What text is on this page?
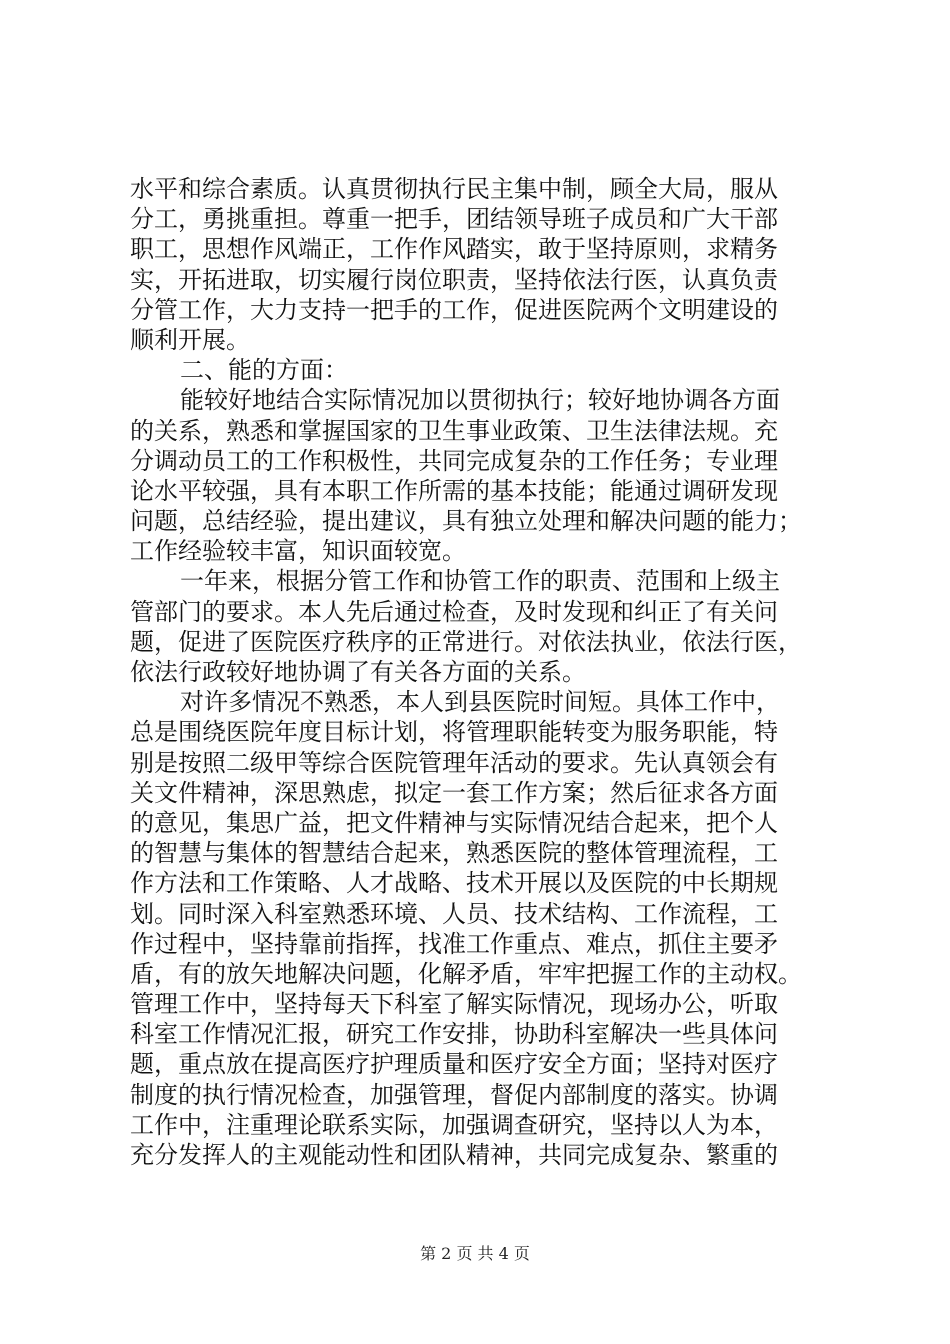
水平和综合素质。认真贯彻执行民主集中制，顾全大局，服从
分工，勇挑重担。尊重一把手，团结领导班子成员和广大干部
职工，思想作风端正，工作作风踏实，敢于坚持原则，求精务
实，开拓进取，切实履行岗位职责，坚持依法行医，认真负责
分管工作，大力支持一把手的工作，促进医院两个文明建设的
顺利开展。
二、能的方面：
能较好地结合实际情况加以贯彻执行；较好地协调各方面
的关系，熟悉和掌握国家的卫生事业政策、卫生法律法规。充
分调动员工的工作积极性，共同完成复杂的工作任务；专业理
论水平较强，具有本职工作所需的基本技能；能通过调研发现
问题，总结经验，提出建议，具有独立处理和解决问题的能力；
工作经验较丰富，知识面较宽。
一年来，根据分管工作和协管工作的职责、范围和上级主
管部门的要求。本人先后通过检查，及时发现和纠正了有关问
题，促进了医院医疗秩序的正常进行。对依法执业，依法行医，
依法行政较好地协调了有关各方面的关系。
对许多情况不熟悉，本人到县医院时间短。具体工作中，
总是围绕医院年度目标计划，将管理职能转变为服务职能，特
别是按照二级甲等综合医院管理年活动的要求。先认真领会有
关文件精神，深思熟虑，拟定一套工作方案；然后征求各方面
的意见，集思广益，把文件精神与实际情况结合起来，把个人
的智慧与集体的智慧结合起来，熟悉医院的整体管理流程，工
作方法和工作策略、人才战略、技术开展以及医院的中长期规
划。同时深入科室熟悉环境、人员、技术结构、工作流程，工
作过程中，坚持靠前指挥，找准工作重点、难点，抓住主要矛
盾，有的放矢地解决问题，化解矛盾，牢牢把握工作的主动权。
管理工作中，坚持每天下科室了解实际情况，现场办公，听取
科室工作情况汇报，研究工作安排，协助科室解决一些具体问
题，重点放在提高医疗护理质量和医疗安全方面；坚持对医疗
制度的执行情况检查，加强管理，督促内部制度的落实。协调
工作中，注重理论联系实际，加强调查研究，坚持以人为本，
充分发挥人的主观能动性和团队精神，共同完成复杂、繁重的
第 2 页 共 4 页
